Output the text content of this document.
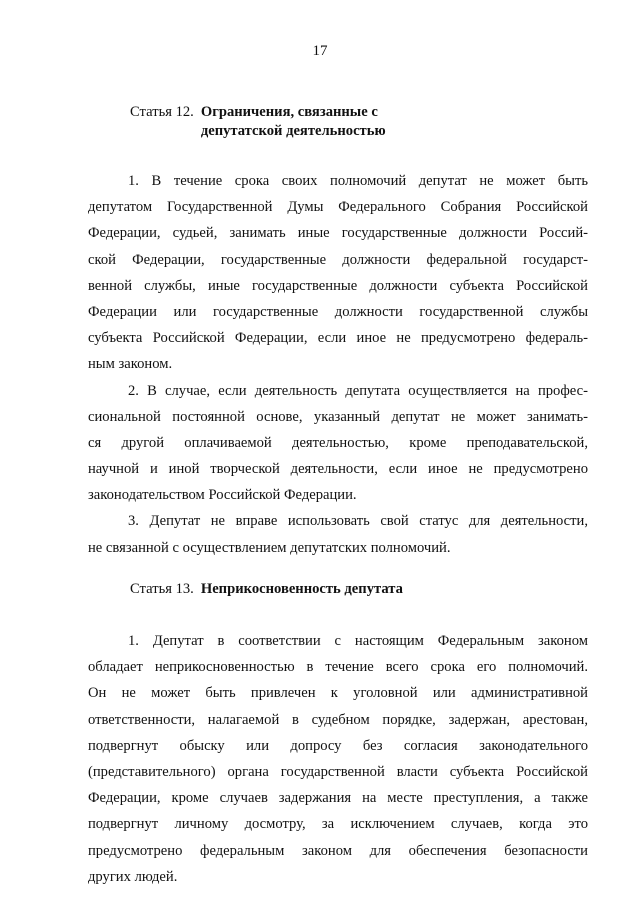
17
Статья 12. Ограничения, связанные с депутатской деятельностью
1. В течение срока своих полномочий депутат не может быть
депутатом Государственной Думы Федерального Собрания Российской
Федерации, судьей, занимать иные государственные должности Россий-
ской Федерации, государственные должности федеральной государст-
венной службы, иные государственные должности субъекта Российской
Федерации или государственные должности государственной службы
субъекта Российской Федерации, если иное не предусмотрено федераль-
ным законом.
2. В случае, если деятельность депутата осуществляется на профес-
сиональной постоянной основе, указанный депутат не может занимать-
ся другой оплачиваемой деятельностью, кроме преподавательской,
научной и иной творческой деятельности, если иное не предусмотрено
законодательством Российской Федерации.
3. Депутат не вправе использовать свой статус для деятельности,
не связанной с осуществлением депутатских полномочий.
Статья 13. Неприкосновенность депутата
1. Депутат в соответствии с настоящим Федеральным законом
обладает неприкосновенностью в течение всего срока его полномочий.
Он не может быть привлечен к уголовной или административной
ответственности, налагаемой в судебном порядке, задержан, арестован,
подвергнут обыску или допросу без согласия законодательного
(представительного) органа государственной власти субъекта Российской
Федерации, кроме случаев задержания на месте преступления, а также
подвергнут личному досмотру, за исключением случаев, когда это
предусмотрено федеральным законом для обеспечения безопасности
других людей.
